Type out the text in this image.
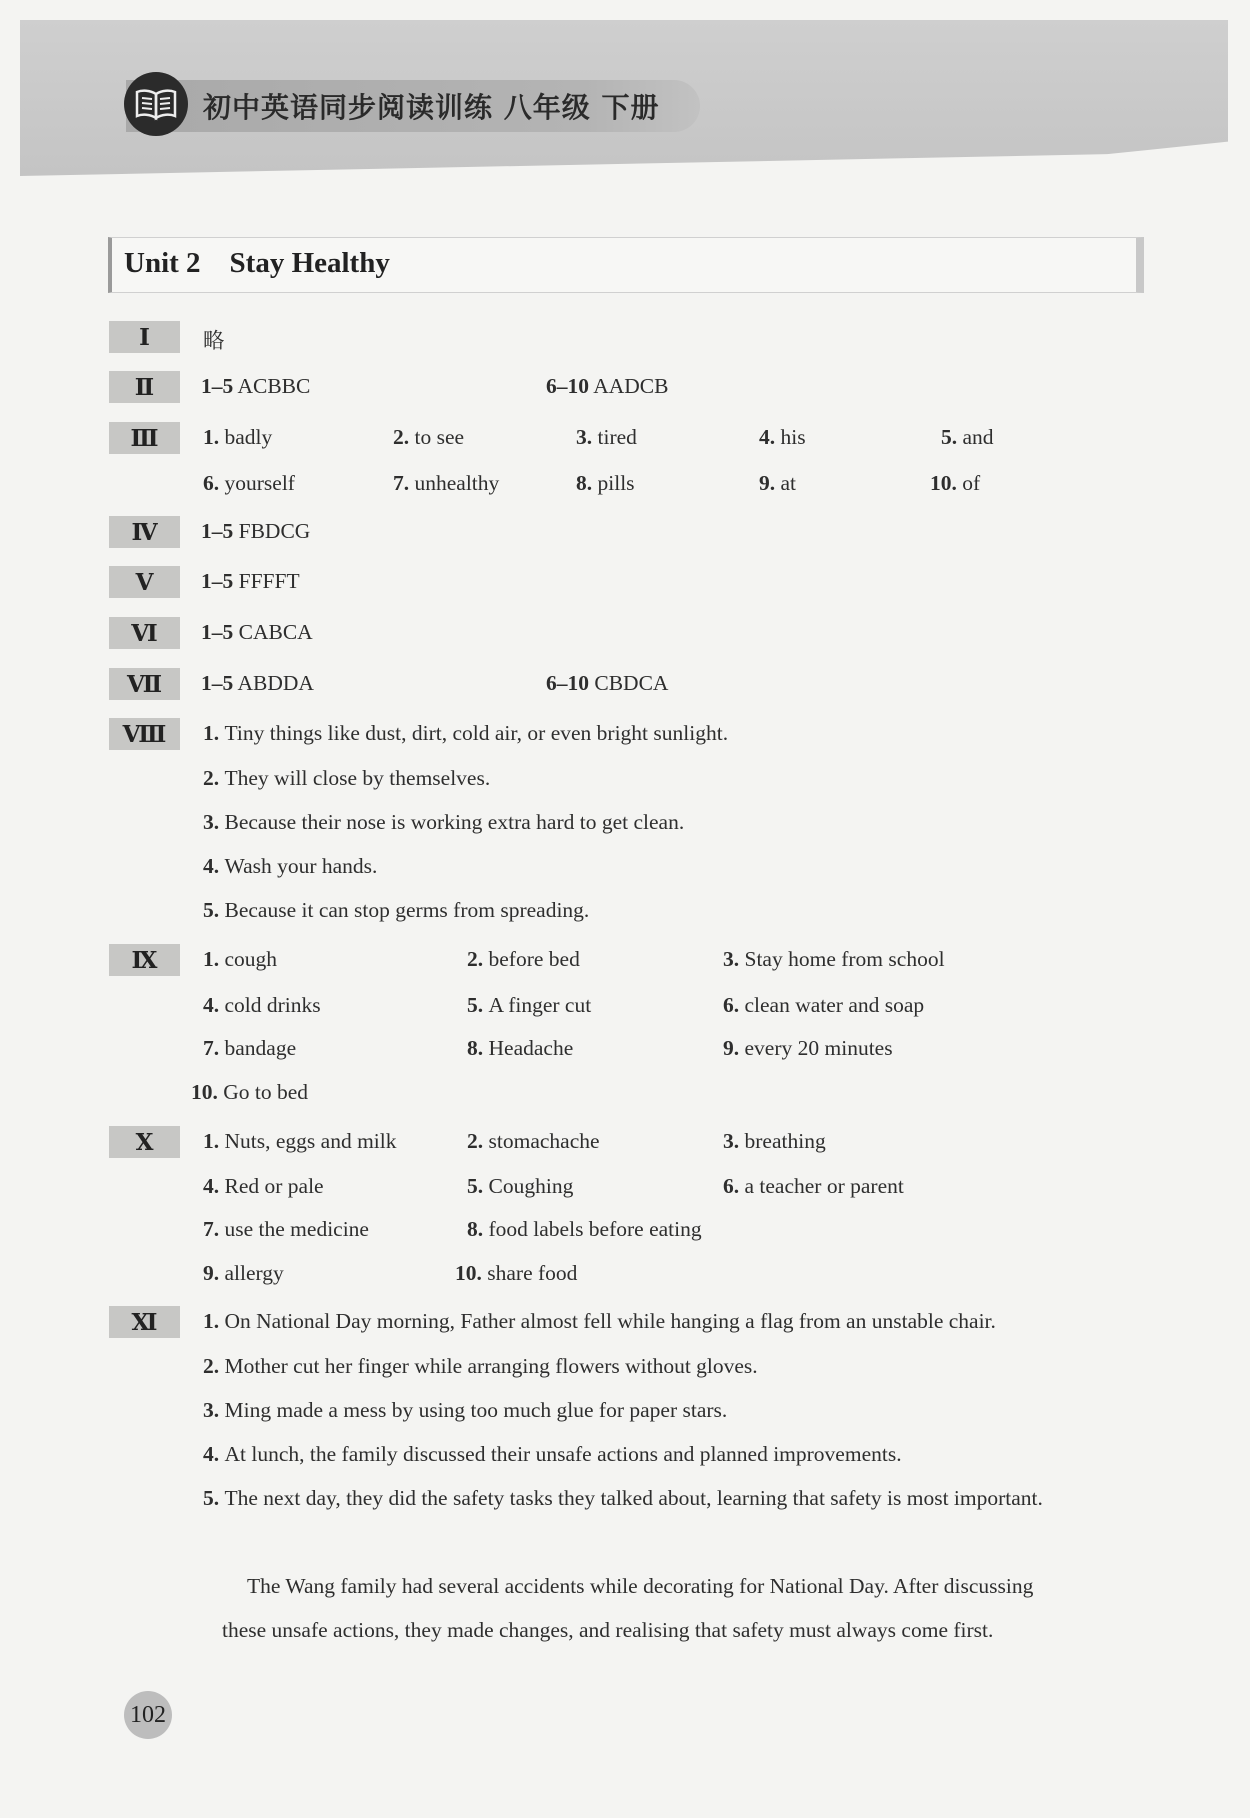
初中英语同步阅读训练 八年级 下册
Unit 2    Stay Healthy
Ⅰ	略
Ⅱ	1–5 ACBBC	6–10 AADCB
Ⅲ	1. badly	2. to see	3. tired	4. his	5. and
6. yourself	7. unhealthy	8. pills	9. at	10. of
Ⅳ	1–5 FBDCG
Ⅴ	1–5 FFFFT
Ⅵ	1–5 CABCA
Ⅶ	1–5 ABDDA	6–10 CBDCA
Ⅷ	1. Tiny things like dust, dirt, cold air, or even bright sunlight.
2. They will close by themselves.
3. Because their nose is working extra hard to get clean.
4. Wash your hands.
5. Because it can stop germs from spreading.
Ⅸ	1. cough	2. before bed	3. Stay home from school
4. cold drinks	5. A finger cut	6. clean water and soap
7. bandage	8. Headache	9. every 20 minutes
10. Go to bed
Ⅹ	1. Nuts, eggs and milk	2. stomachache	3. breathing
4. Red or pale	5. Coughing	6. a teacher or parent
7. use the medicine	8. food labels before eating
9. allergy	10. share food
Ⅺ	1. On National Day morning, Father almost fell while hanging a flag from an unstable chair.
2. Mother cut her finger while arranging flowers without gloves.
3. Ming made a mess by using too much glue for paper stars.
4. At lunch, the family discussed their unsafe actions and planned improvements.
5. The next day, they did the safety tasks they talked about, learning that safety is most important.
The Wang family had several accidents while decorating for National Day. After discussing
these unsafe actions, they made changes, and realising that safety must always come first.
102
